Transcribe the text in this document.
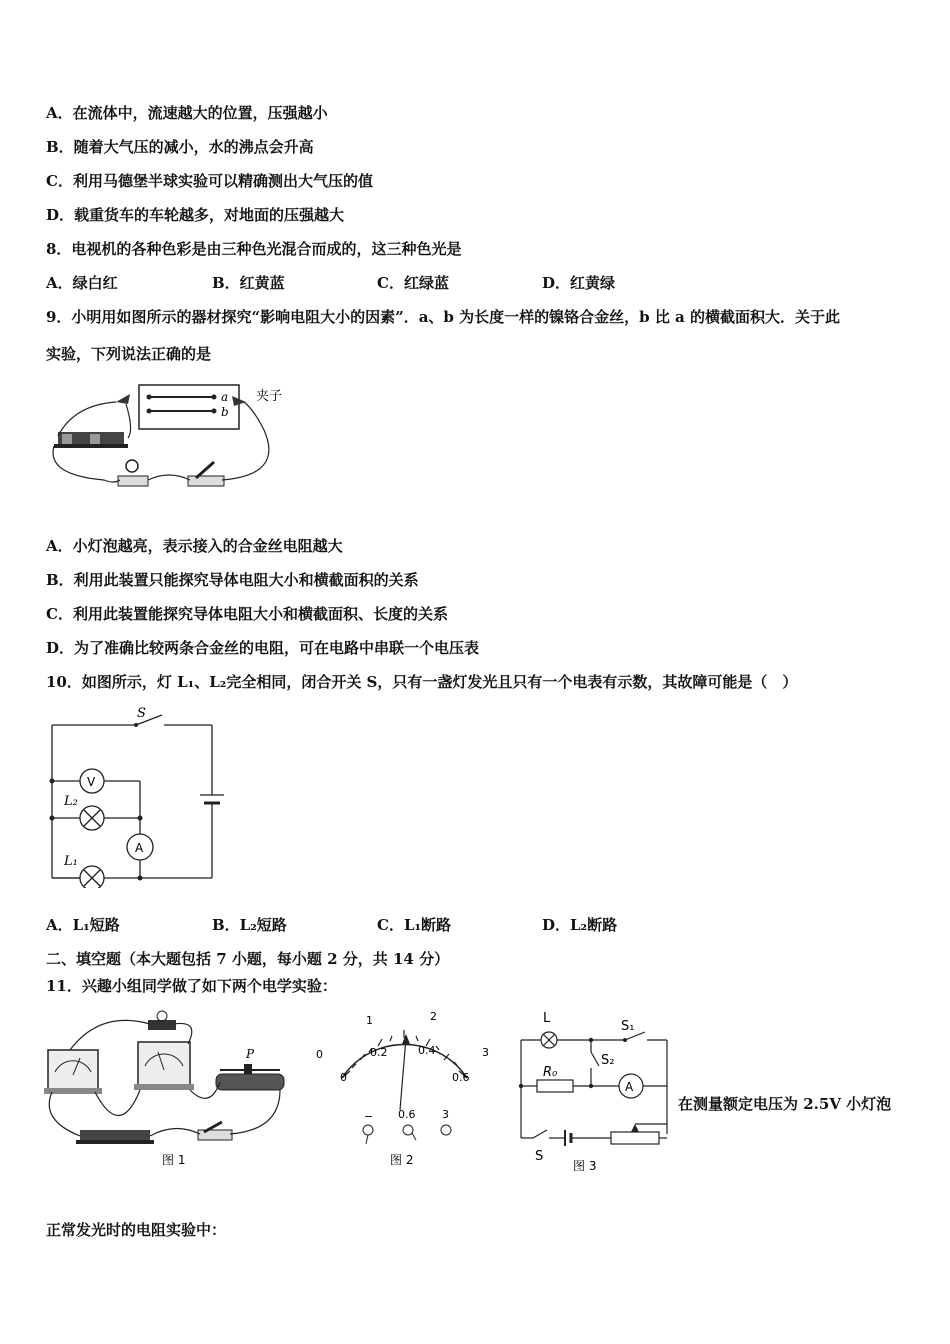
A．在流体中，流速越大的位置，压强越小
B．随着大气压的减小，水的沸点会升高
C．利用马德堡半球实验可以精确测出大气压的值
D．载重货车的车轮越多，对地面的压强越大
8．电视机的各种色彩是由三种色光混合而成的，这三种色光是
A．绿白红	B．红黄蓝	C．红绿蓝	D．红黄绿
9．小明用如图所示的器材探究“影响电阻大小的因素”．a、b 为长度一样的镍铬合金丝，b 比 a 的横截面积大．关于此
实验，下列说法正确的是
a
b
夹子
A．小灯泡越亮，表示接入的合金丝电阻越大
B．利用此装置只能探究导体电阻大小和横截面积的关系
C．利用此装置能探究导体电阻大小和横截面积、长度的关系
D．为了准确比较两条合金丝的电阻，可在电路中串联一个电压表
10．如图所示，灯 L₁、L₂完全相同，闭合开关 S，只有一盏灯发光且只有一个电表有示数，其故障可能是（　）
S
V
A
L₂
L₁
A．L₁短路	B．L₂短路	C．L₁断路	D．L₂断路
二、填空题（本大题包括 7 小题，每小题 2 分，共 14 分）
11．兴趣小组同学做了如下两个电学实验：
P
图 1
0
1	2
3
0
0.2	0.4
0.6
− 0.6 3
图 2
L
S₁
S₂
R₀
A
S
图 3
在测量额定电压为 2.5V 小灯泡
正常发光时的电阻实验中：
